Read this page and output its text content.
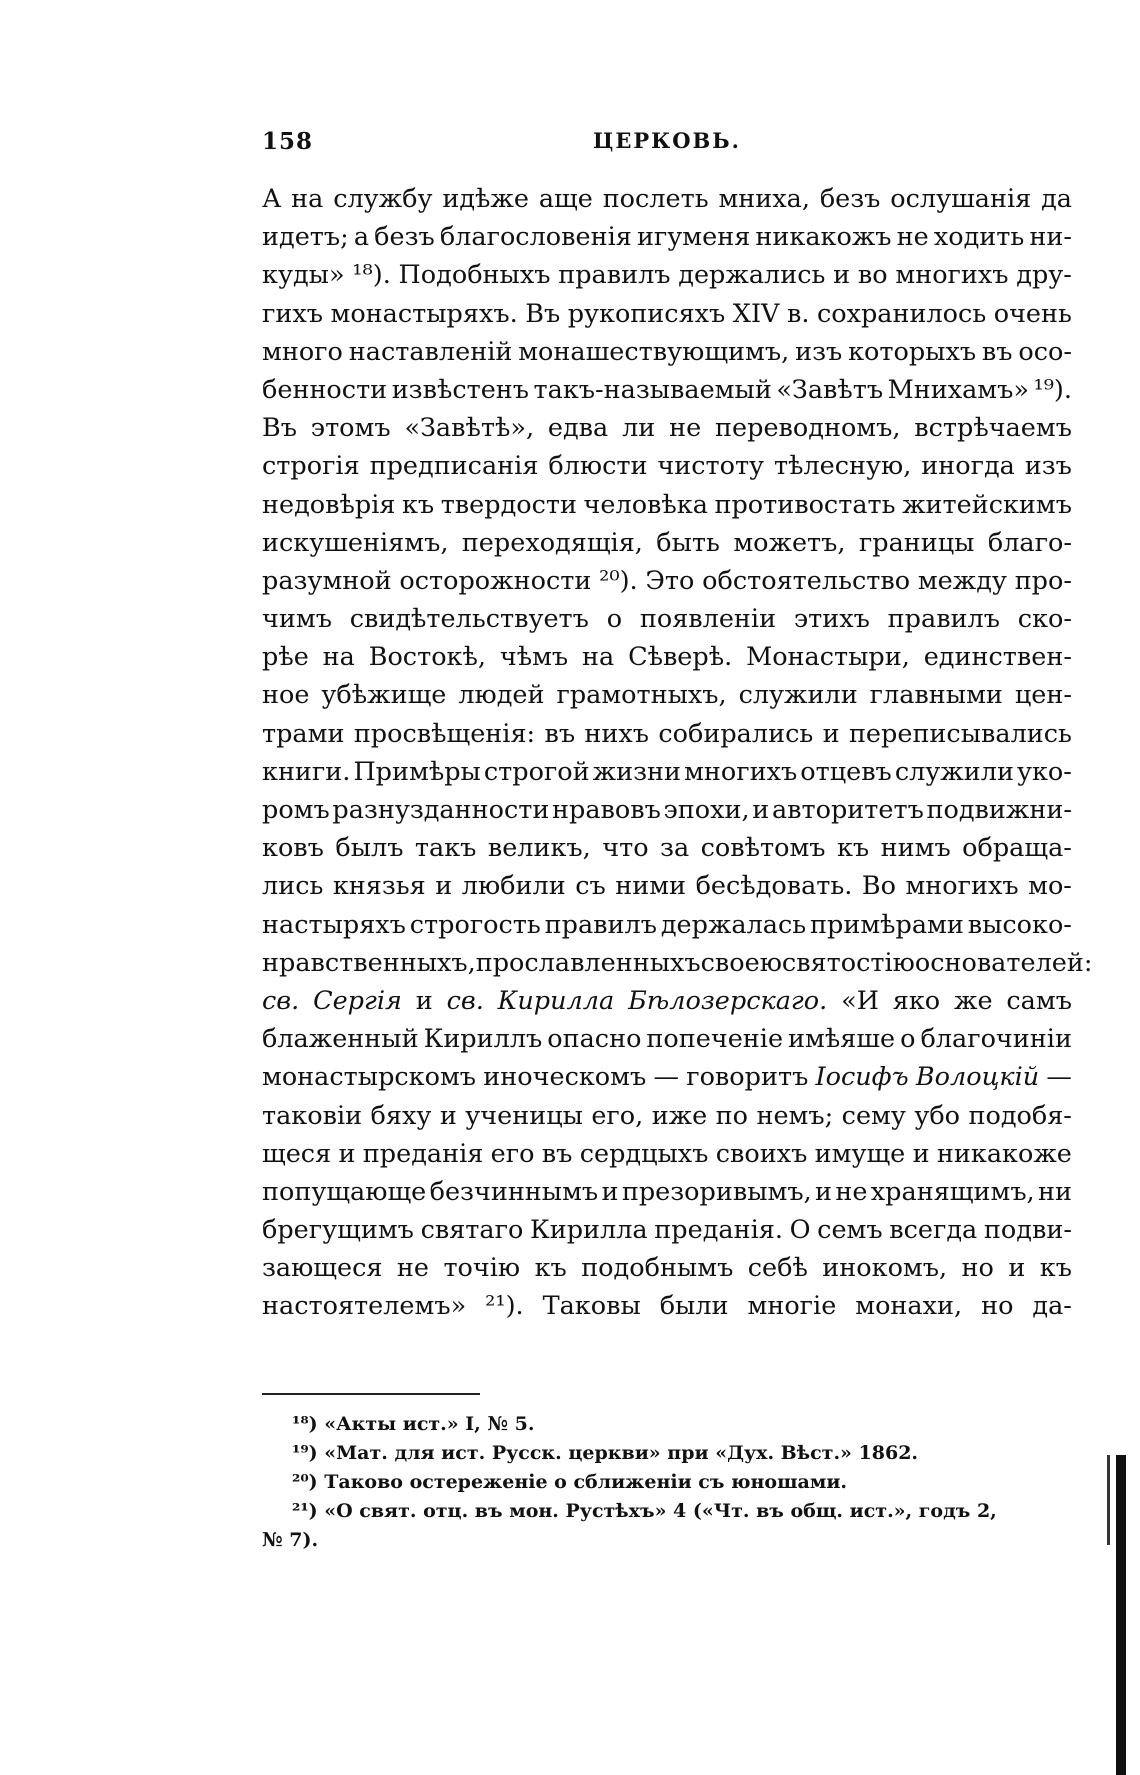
158	ЦЕРКОВЬ.
А на службу идѣже аще послеть мниха, безъ ослушанія да
идетъ; а безъ благословенія игуменя никакожъ не ходить ни-
куды» ¹⁸). Подобныхъ правилъ держались и во многихъ дру-
гихъ монастыряхъ. Въ рукописяхъ XIV в. сохранилось очень
много наставленій монашествующимъ, изъ которыхъ въ осо-
бенности извѣстенъ такъ-называемый «Завѣтъ Мнихамъ» ¹⁹).
Въ этомъ «Завѣтѣ», едва ли не переводномъ, встрѣчаемъ
строгія предписанія блюсти чистоту тѣлесную, иногда изъ
недовѣрія къ твердости человѣка противостать житейскимъ
искушеніямъ, переходящія, быть можетъ, границы благо-
разумной осторожности ²⁰). Это обстоятельство между про-
чимъ свидѣтельствуетъ о появленіи этихъ правилъ ско-
рѣе на Востокѣ, чѣмъ на Сѣверѣ. Монастыри, единствен-
ное убѣжище людей грамотныхъ, служили главными цен-
трами просвѣщенія: въ нихъ собирались и переписывались
книги. Примѣры строгой жизни многихъ отцевъ служили уко-
ромъ разнузданности нравовъ эпохи, и авторитетъ подвижни-
ковъ былъ такъ великъ, что за совѣтомъ къ нимъ обраща-
лись князья и любили съ ними бесѣдовать. Во многихъ мо-
настыряхъ строгость правилъ держалась примѣрами высоко-
нравственныхъ, прославленныхъ своею святостію основателей:
св. Сергія и св. Кирилла Бѣлозерскаго. «И яко же самъ
блаженный Кириллъ опасно попеченіе имѣяше о благочиніи
монастырскомъ иноческомъ — говоритъ Іосифъ Волоцкій —
таковіи бяху и ученицы его, иже по немъ; сему убо подобя-
щеся и преданія его въ сердцыхъ своихъ имуще и никакоже
попущающе безчиннымъ и презоривымъ, и не хранящимъ, ни
брегущимъ святаго Кирилла преданія. О семъ всегда подви-
зающеся не точію къ подобнымъ себѣ инокомъ, но и къ
настоятелемъ» ²¹). Таковы были многіе монахи, но да-
¹⁸) «Акты ист.» I, № 5.
¹⁹) «Мат. для ист. Русск. церкви» при «Дух. Вѣст.» 1862.
²⁰) Таково остереженіе о сближеніи съ юношами.
²¹) «О свят. отц. въ мон. Рустѣхъ» 4 («Чт. въ общ. ист.», годъ 2,
№ 7).
